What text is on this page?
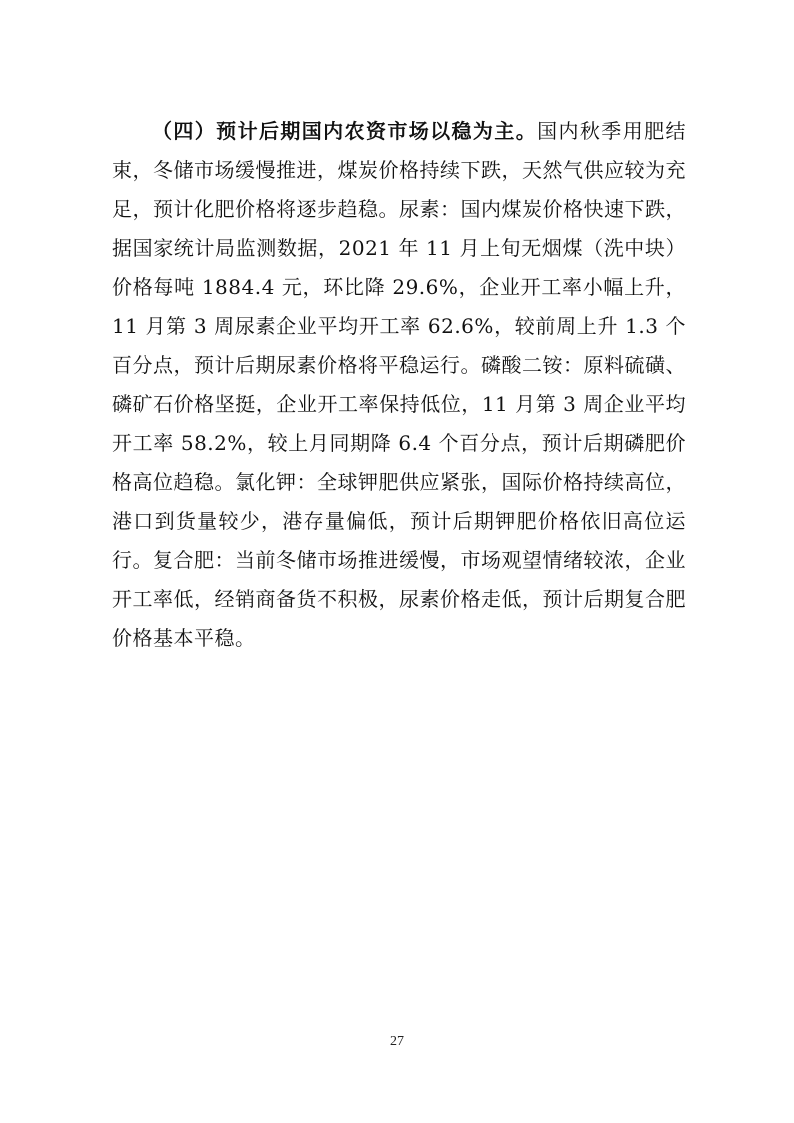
（四）预计后期国内农资市场以稳为主。国内秋季用肥结束，冬储市场缓慢推进，煤炭价格持续下跌，天然气供应较为充足，预计化肥价格将逐步趋稳。尿素：国内煤炭价格快速下跌，据国家统计局监测数据，2021 年 11 月上旬无烟煤（洗中块）价格每吨 1884.4 元，环比降 29.6%，企业开工率小幅上升，11 月第 3 周尿素企业平均开工率 62.6%，较前周上升 1.3 个百分点，预计后期尿素价格将平稳运行。磷酸二铵：原料硫磺、磷矿石价格坚挺，企业开工率保持低位，11 月第 3 周企业平均开工率 58.2%，较上月同期降 6.4 个百分点，预计后期磷肥价格高位趋稳。氯化钾：全球钾肥供应紧张，国际价格持续高位，港口到货量较少，港存量偏低，预计后期钾肥价格依旧高位运行。复合肥：当前冬储市场推进缓慢，市场观望情绪较浓，企业开工率低，经销商备货不积极，尿素价格走低，预计后期复合肥价格基本平稳。

27
